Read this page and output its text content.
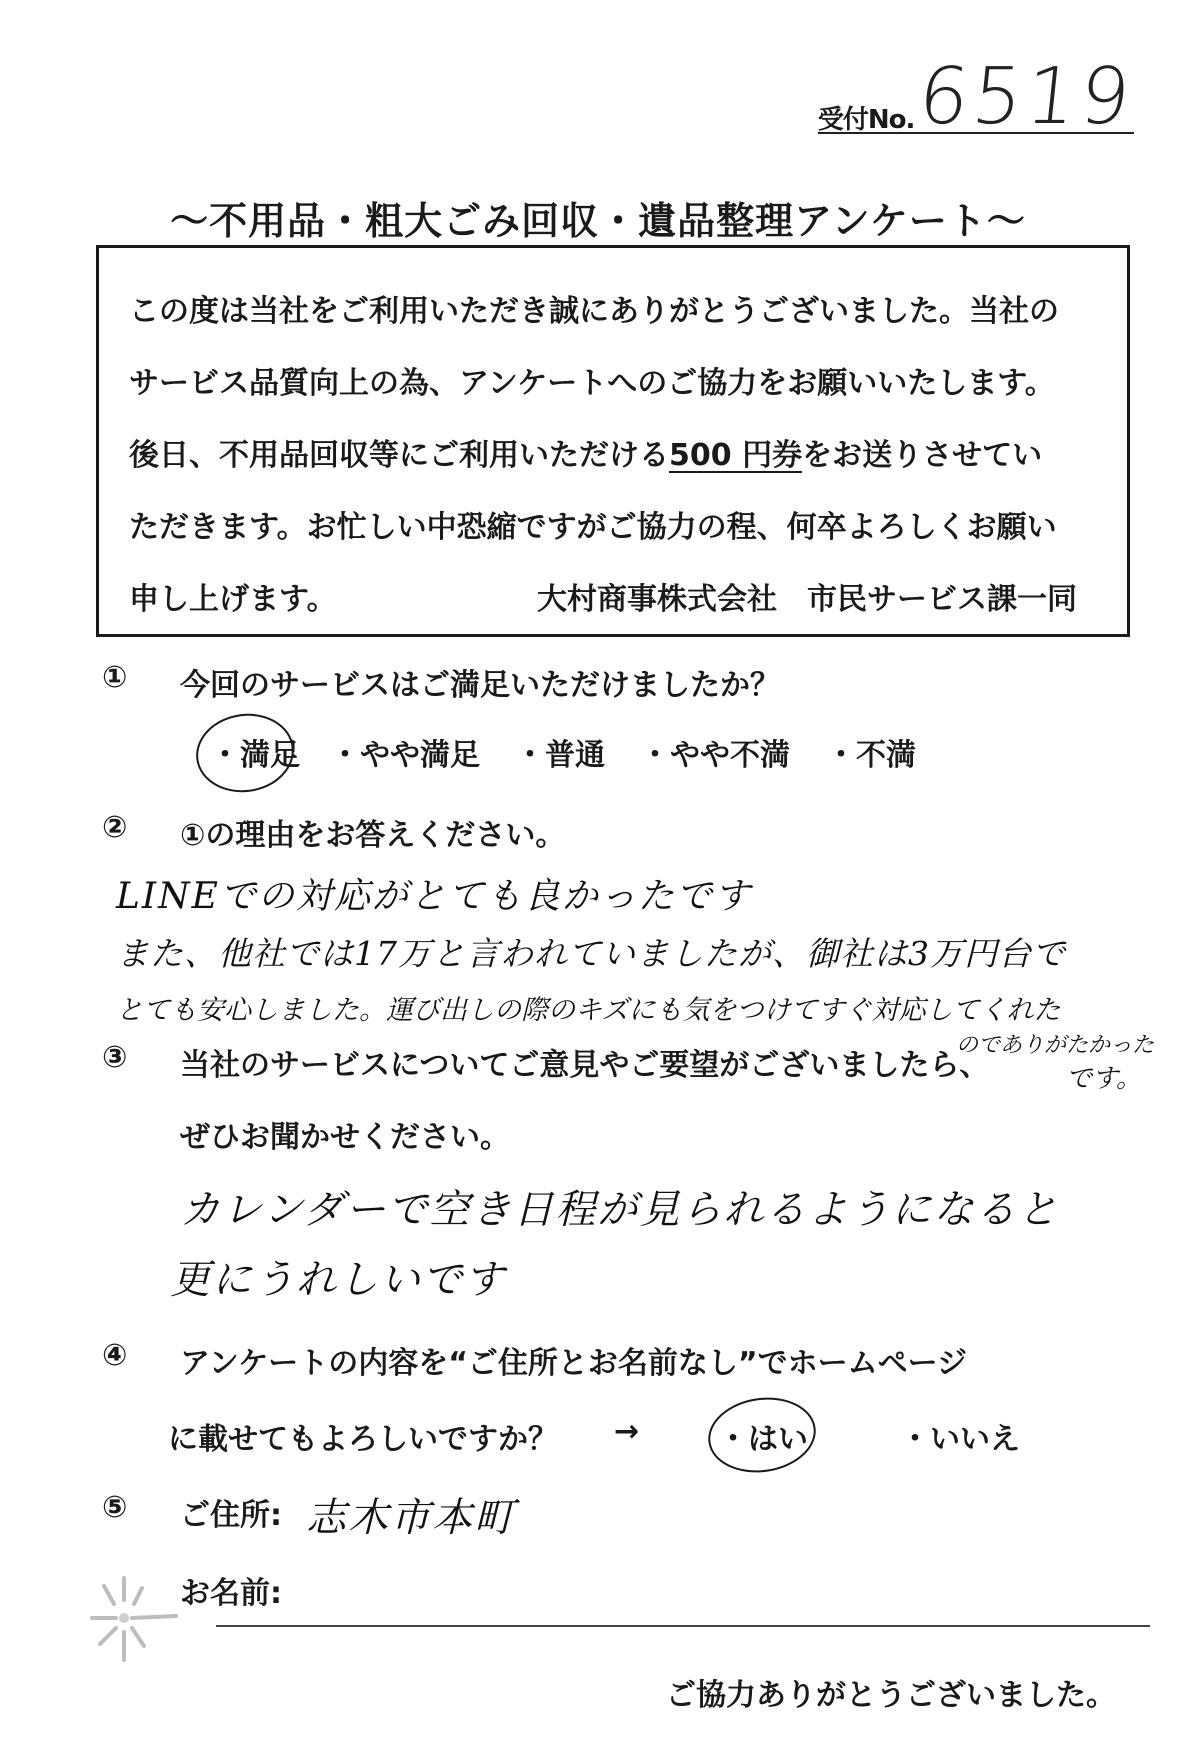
受付No. 6519
～不用品・粗大ごみ回収・遺品整理アンケート～
この度は当社をご利用いただき誠にありがとうございました。当社の
サービス品質向上の為、アンケートへのご協力をお願いいたします。
後日、不用品回収等にご利用いただける500 円券をお送りさせてい
ただきます。お忙しい中恐縮ですがご協力の程、何卒よろしくお願い
申し上げます。	大村商事株式会社　市民サービス課一同
① 今回のサービスはご満足いただけましたか？
・満足 ・やや満足 ・普通 ・やや不満 ・不満
② ①の理由をお答えください。
LINEでの対応がとても良かったです
また、他社では17万と言われていましたが、御社は3万円台で
とても安心しました。運び出しの際のキズにも気をつけてすぐ対応してくれた
のでありがたかった
です。
③ 当社のサービスについてご意見やご要望がございましたら、
ぜひお聞かせください。
カレンダーで空き日程が見られるようになると
更にうれしいです
④ アンケートの内容を“ご住所とお名前なし”でホームページ
に載せてもよろしいですか？ →	・はい	・いいえ
⑤ ご住所: 志木市本町
お名前:
ご協力ありがとうございました。
